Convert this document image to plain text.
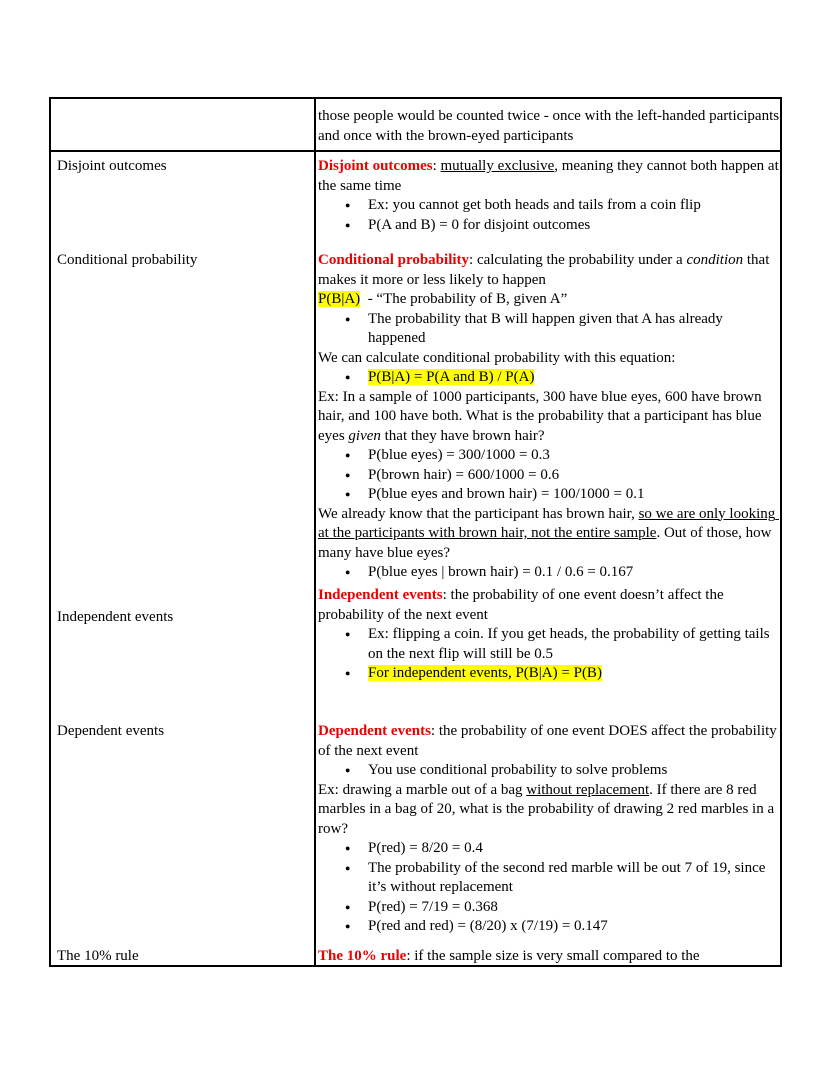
Disjoint outcomes
Conditional probability
Independent events
Dependent events
The 10% rule
those people would be counted twice - once with the left-handed participants and once with the brown-eyed participants
Disjoint outcomes: mutually exclusive, meaning they cannot both happen at the same time
● Ex: you cannot get both heads and tails from a coin flip
● P(A and B) = 0 for disjoint outcomes
Conditional probability: calculating the probability under a condition that makes it more or less likely to happen
P(B|A)  - “The probability of B, given A”
● The probability that B will happen given that A has already happened
We can calculate conditional probability with this equation:
● P(B|A) = P(A and B) / P(A)
Ex: In a sample of 1000 participants, 300 have blue eyes, 600 have brown hair, and 100 have both. What is the probability that a participant has blue eyes given that they have brown hair?
● P(blue eyes) = 300/1000 = 0.3
● P(brown hair) = 600/1000 = 0.6
● P(blue eyes and brown hair) = 100/1000 = 0.1
We already know that the participant has brown hair, so we are only looking at the participants with brown hair, not the entire sample. Out of those, how many have blue eyes?
● P(blue eyes | brown hair) = 0.1 / 0.6 = 0.167
Independent events: the probability of one event doesn’t affect the probability of the next event
● Ex: flipping a coin. If you get heads, the probability of getting tails on the next flip will still be 0.5
● For independent events, P(B|A) = P(B)
Dependent events: the probability of one event DOES affect the probability of the next event
● You use conditional probability to solve problems
Ex: drawing a marble out of a bag without replacement. If there are 8 red marbles in a bag of 20, what is the probability of drawing 2 red marbles in a row?
● P(red) = 8/20 = 0.4
● The probability of the second red marble will be out 7 of 19, since it’s without replacement
● P(red) = 7/19 = 0.368
● P(red and red) = (8/20) x (7/19) = 0.147
The 10% rule: if the sample size is very small compared to the
